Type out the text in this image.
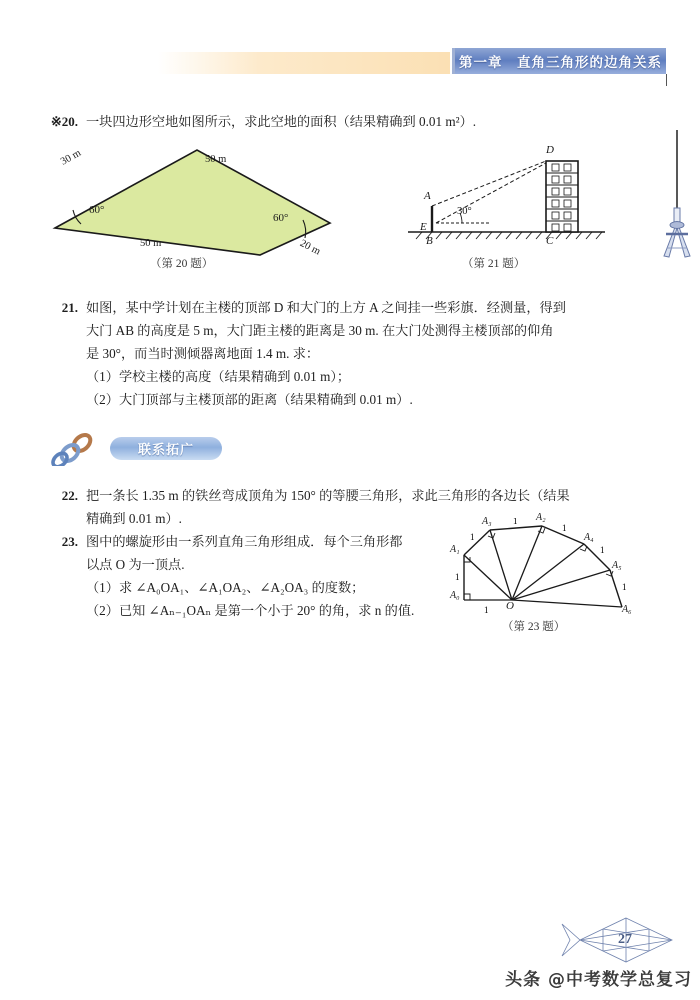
第一章　直角三角形的边角关系
※20. 一块四边形空地如图所示，求此空地的面积（结果精确到 0.01 m²）.
30 m	50 m
50 m	20 m
60°
60°
（第 20 题）
A
E
B	C
D
30°
（第 21 题）
21. 如图，某中学计划在主楼的顶部 D 和大门的上方 A 之间挂一些彩旗．经测量，得到
大门 AB 的高度是 5 m，大门距主楼的距离是 30 m. 在大门处测得主楼顶部的仰角
是 30°，而当时测倾器离地面 1.4 m. 求：
（1）学校主楼的高度（结果精确到 0.01 m）；
（2）大门顶部与主楼顶部的距离（结果精确到 0.01 m）.
联系拓广
22. 把一条长 1.35 m 的铁丝弯成顶角为 150° 的等腰三角形，求此三角形的各边长（结果
精确到 0.01 m）.
23. 图中的螺旋形由一系列直角三角形组成．每个三角形都
以点 O 为一顶点.
（1）求 ∠A₀OA₁、∠A₁OA₂、∠A₂OA₃ 的度数；
（2）已知 ∠Aₙ₋₁OAₙ 是第一个小于 20° 的角，求 n 的值.
1
1
1
1
1
1
1
A₀
A₁
A₃	A₂
A₄
A₅
A₆
O
（第 23 题）
27
头条 @中考数学总复习
